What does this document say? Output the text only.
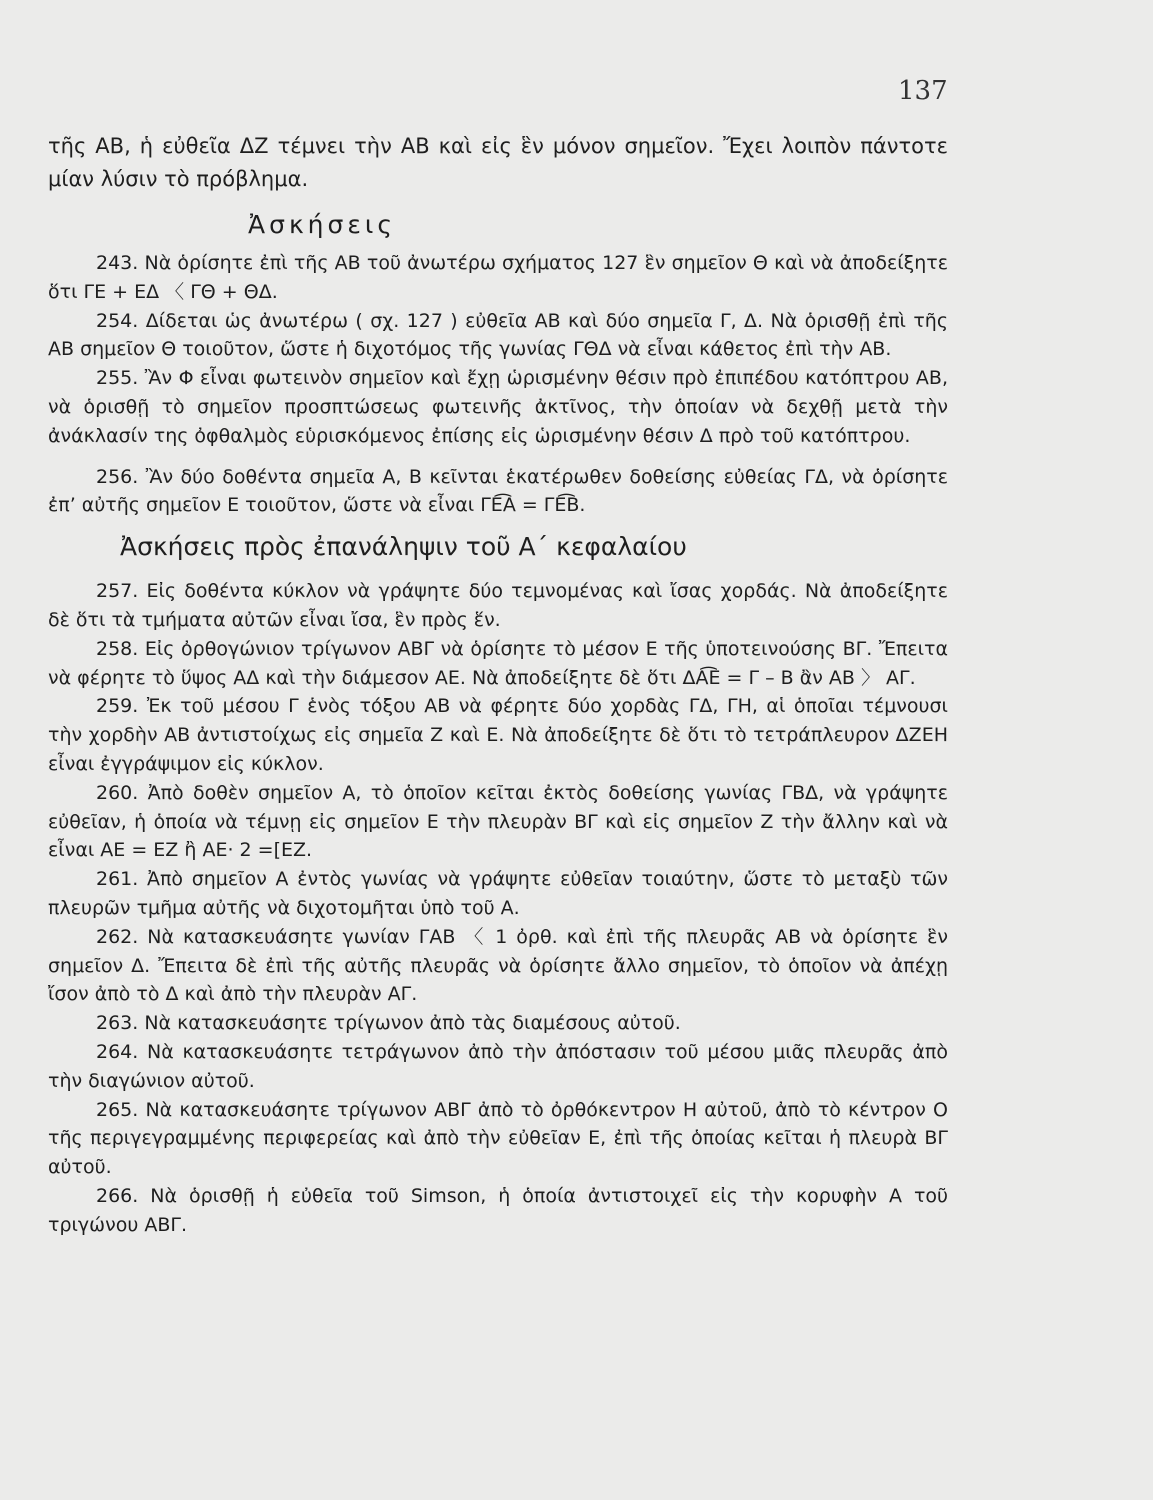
137

τῆς ΑΒ, ἡ εὐθεῖα ΔΖ τέμνει τὴν ΑΒ καὶ εἰς ἓν μόνον σημεῖον. Ἔχει λοιπὸν πάντοτε μίαν λύσιν τὸ πρόβλημα.

Ἀσκήσεις

243. Νὰ ὁρίσητε ἐπὶ τῆς ΑΒ τοῦ ἀνωτέρω σχήματος 127 ἓν σημεῖον Θ καὶ νὰ ἀποδείξητε ὅτι ΓΕ + ΕΔ 〈 ΓΘ + ΘΔ.

254. Δίδεται ὡς ἀνωτέρω ( σχ. 127 ) εὐθεῖα ΑΒ καὶ δύο σημεῖα Γ, Δ. Νὰ ὁρισθῇ ἐπὶ τῆς ΑΒ σημεῖον Θ τοιοῦτον, ὥστε ἡ διχοτόμος τῆς γωνίας ΓΘΔ νὰ εἶναι κάθετος ἐπὶ τὴν ΑΒ.

255. Ἂν Φ εἶναι φωτεινὸν σημεῖον καὶ ἔχῃ ὡρισμένην θέσιν πρὸ ἐπιπέδου κατόπτρου ΑΒ, νὰ ὁρισθῇ τὸ σημεῖον προσπτώσεως φωτεινῆς ἀκτῖνος, τὴν ὁποίαν νὰ δεχθῇ μετὰ τὴν ἀνάκλασίν της ὀφθαλμὸς εὑρισκόμενος ἐπίσης εἰς ὡρισμένην θέσιν Δ πρὸ τοῦ κατόπτρου.

256. Ἂν δύο δοθέντα σημεῖα Α, Β κεῖνται ἑκατέρωθεν δοθείσης εὐθείας ΓΔ, νὰ ὁρίσητε ἐπ’ αὐτῆς σημεῖον Ε τοιοῦτον, ὥστε νὰ εἶναι ΓΕ͡Α = ΓΕ͡Β.

Ἀσκήσεις πρὸς ἐπανάληψιν τοῦ Α΄ κεφαλαίου

257. Εἰς δοθέντα κύκλον νὰ γράψητε δύο τεμνομένας καὶ ἴσας χορδάς. Νὰ ἀποδείξητε δὲ ὅτι τὰ τμήματα αὐτῶν εἶναι ἴσα, ἓν πρὸς ἕν.

258. Εἰς ὀρθογώνιον τρίγωνον ΑΒΓ νὰ ὁρίσητε τὸ μέσον Ε τῆς ὑποτεινούσης ΒΓ. Ἔπειτα νὰ φέρητε τὸ ὕψος ΑΔ καὶ τὴν διάμεσον ΑΕ. Νὰ ἀποδείξητε δὲ ὅτι ΔΑ͡Ε = Γ – Β ἂν ΑΒ 〉 ΑΓ.

259. Ἐκ τοῦ μέσου Γ ἑνὸς τόξου ΑΒ νὰ φέρητε δύο χορδὰς ΓΔ, ΓΗ, αἱ ὁποῖαι τέμνουσι τὴν χορδὴν ΑΒ ἀντιστοίχως εἰς σημεῖα Ζ καὶ Ε. Νὰ ἀποδείξητε δὲ ὅτι τὸ τετράπλευρον ΔΖΕΗ εἶναι ἐγγράψιμον εἰς κύκλον.

260. Ἀπὸ δοθὲν σημεῖον Α, τὸ ὁποῖον κεῖται ἐκτὸς δοθείσης γωνίας ΓΒΔ, νὰ γράψητε εὐθεῖαν, ἡ ὁποία νὰ τέμνῃ εἰς σημεῖον Ε τὴν πλευρὰν ΒΓ καὶ εἰς σημεῖον Ζ τὴν ἄλλην καὶ νὰ εἶναι ΑΕ = ΕΖ ἢ ΑΕ· 2 =[ΕΖ.

261. Ἀπὸ σημεῖον Α ἐντὸς γωνίας νὰ γράψητε εὐθεῖαν τοιαύτην, ὥστε τὸ μεταξὺ τῶν πλευρῶν τμῆμα αὐτῆς νὰ διχοτομῆται ὑπὸ τοῦ Α.

262. Νὰ κατασκευάσητε γωνίαν ΓΑΒ 〈 1 ὀρθ. καὶ ἐπὶ τῆς πλευρᾶς ΑΒ νὰ ὁρίσητε ἓν σημεῖον Δ. Ἔπειτα δὲ ἐπὶ τῆς αὐτῆς πλευρᾶς νὰ ὁρίσητε ἄλλο σημεῖον, τὸ ὁποῖον νὰ ἀπέχῃ ἴσον ἀπὸ τὸ Δ καὶ ἀπὸ τὴν πλευρὰν ΑΓ.

263. Νὰ κατασκευάσητε τρίγωνον ἀπὸ τὰς διαμέσους αὐτοῦ.

264. Νὰ κατασκευάσητε τετράγωνον ἀπὸ τὴν ἀπόστασιν τοῦ μέσου μιᾶς πλευρᾶς ἀπὸ τὴν διαγώνιον αὐτοῦ.

265. Νὰ κατασκευάσητε τρίγωνον ΑΒΓ ἀπὸ τὸ ὀρθόκεντρον Η αὐτοῦ, ἀπὸ τὸ κέντρον Ο τῆς περιγεγραμμένης περιφερείας καὶ ἀπὸ τὴν εὐθεῖαν Ε, ἐπὶ τῆς ὁποίας κεῖται ἡ πλευρὰ ΒΓ αὐτοῦ.

266. Νὰ ὁρισθῇ ἡ εὐθεῖα τοῦ Simson, ἡ ὁποία ἀντιστοιχεῖ εἰς τὴν κορυφὴν Α τοῦ τριγώνου ΑΒΓ.
